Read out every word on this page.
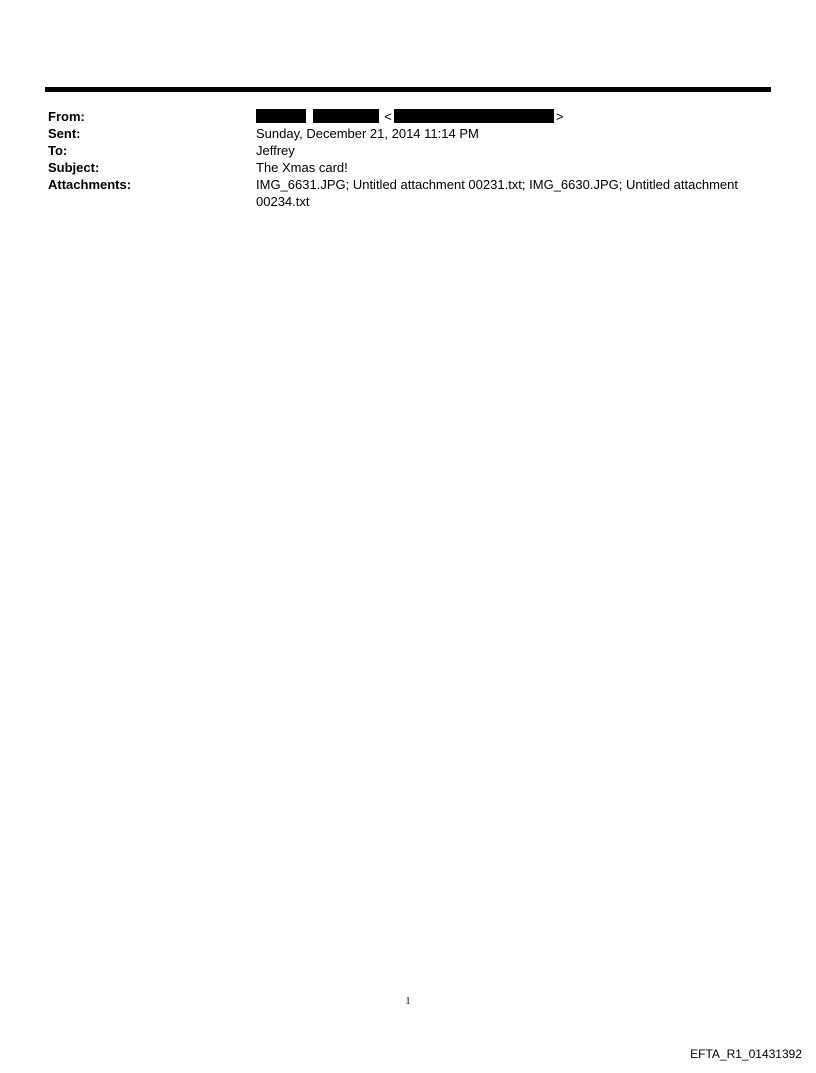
From:	<	>
Sent:	Sunday, December 21, 2014 11:14 PM
To:	Jeffrey
Subject:	The Xmas card!
Attachments:	IMG_6631.JPG; Untitled attachment 00231.txt; IMG_6630.JPG; Untitled attachment 00234.txt
1
EFTA_R1_01431392
